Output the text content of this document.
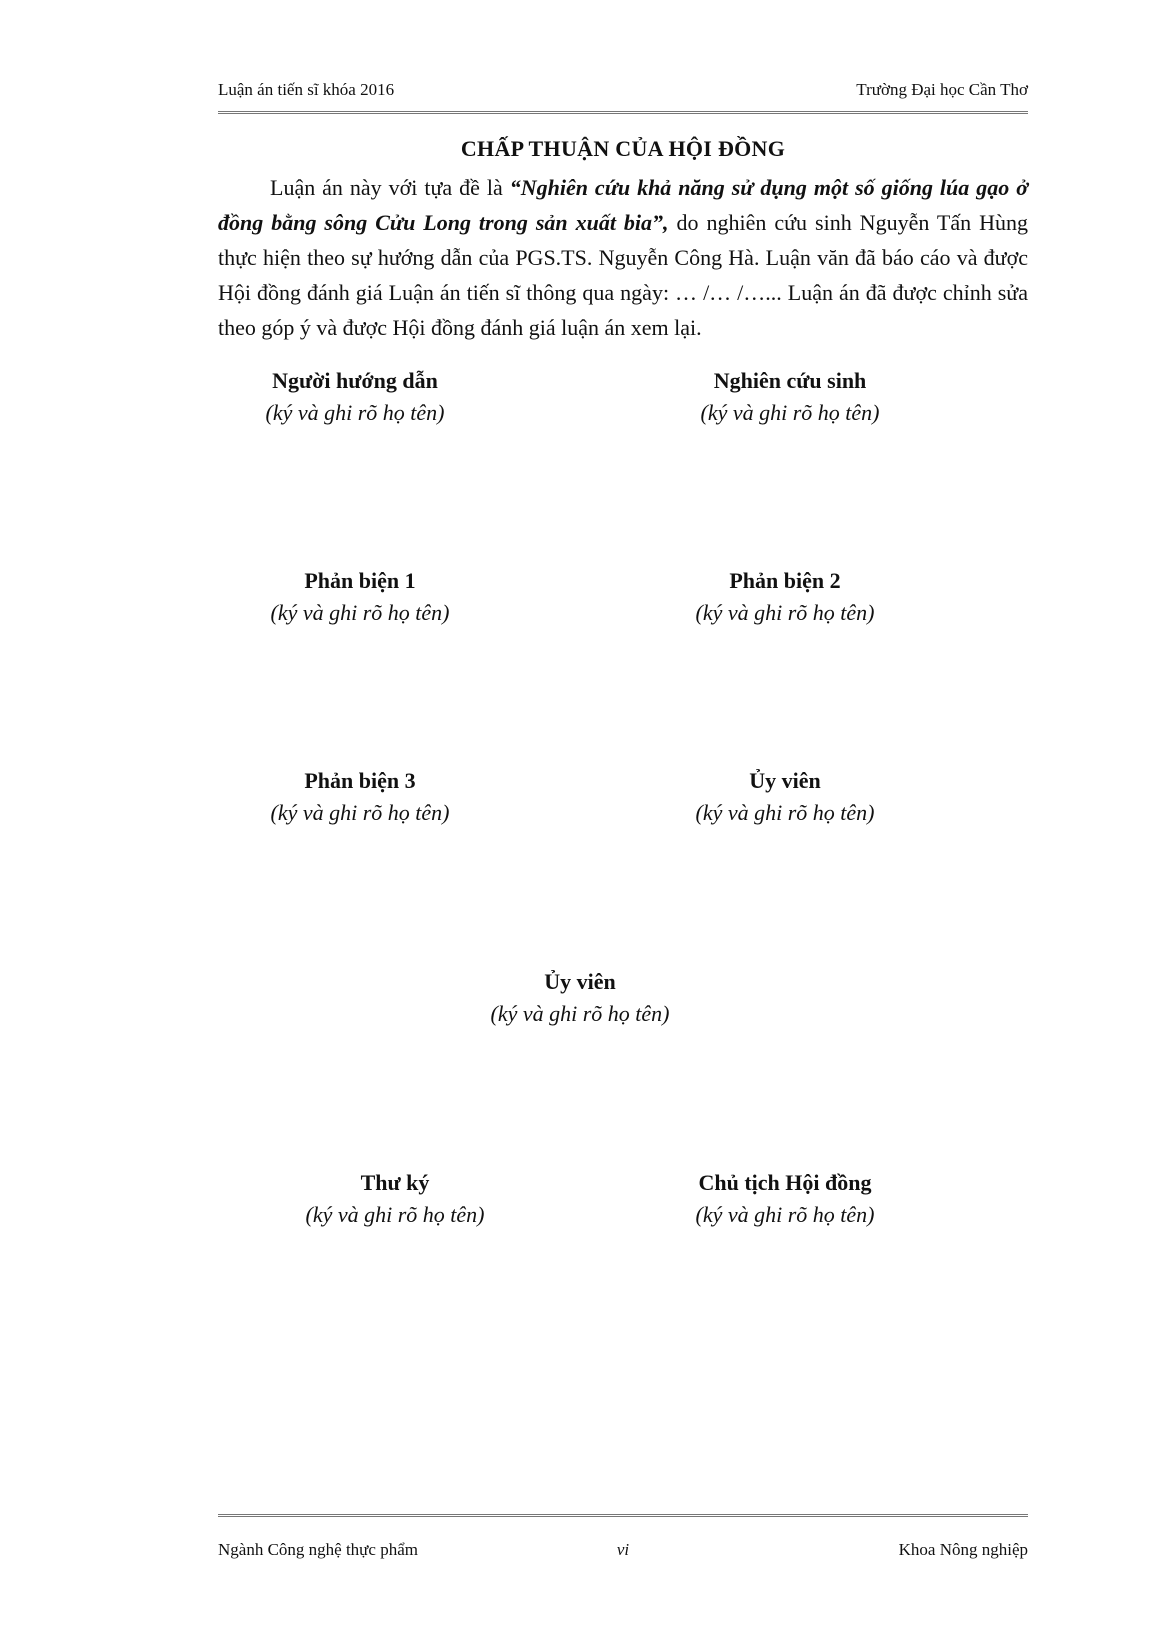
Luận án tiến sĩ khóa 2016	Trường Đại học Cần Thơ
CHẤP THUẬN CỦA HỘI ĐỒNG
Luận án này với tựa đề là “Nghiên cứu khả năng sử dụng một số giống lúa gạo ở đồng bằng sông Cửu Long trong sản xuất bia”, do nghiên cứu sinh Nguyễn Tấn Hùng thực hiện theo sự hướng dẫn của PGS.TS. Nguyễn Công Hà. Luận văn đã báo cáo và được Hội đồng đánh giá Luận án tiến sĩ thông qua ngày: … /… /…... Luận án đã được chỉnh sửa theo góp ý và được Hội đồng đánh giá luận án xem lại.
Người hướng dẫn
(ký và ghi rõ họ tên)
Nghiên cứu sinh
(ký và ghi rõ họ tên)
Phản biện 1
(ký và ghi rõ họ tên)
Phản biện 2
(ký và ghi rõ họ tên)
Phản biện 3
(ký và ghi rõ họ tên)
Ủy viên
(ký và ghi rõ họ tên)
Ủy viên
(ký và ghi rõ họ tên)
Thư ký
(ký và ghi rõ họ tên)
Chủ tịch Hội đồng
(ký và ghi rõ họ tên)
Ngành Công nghệ thực phẩm	vi	Khoa Nông nghiệp
